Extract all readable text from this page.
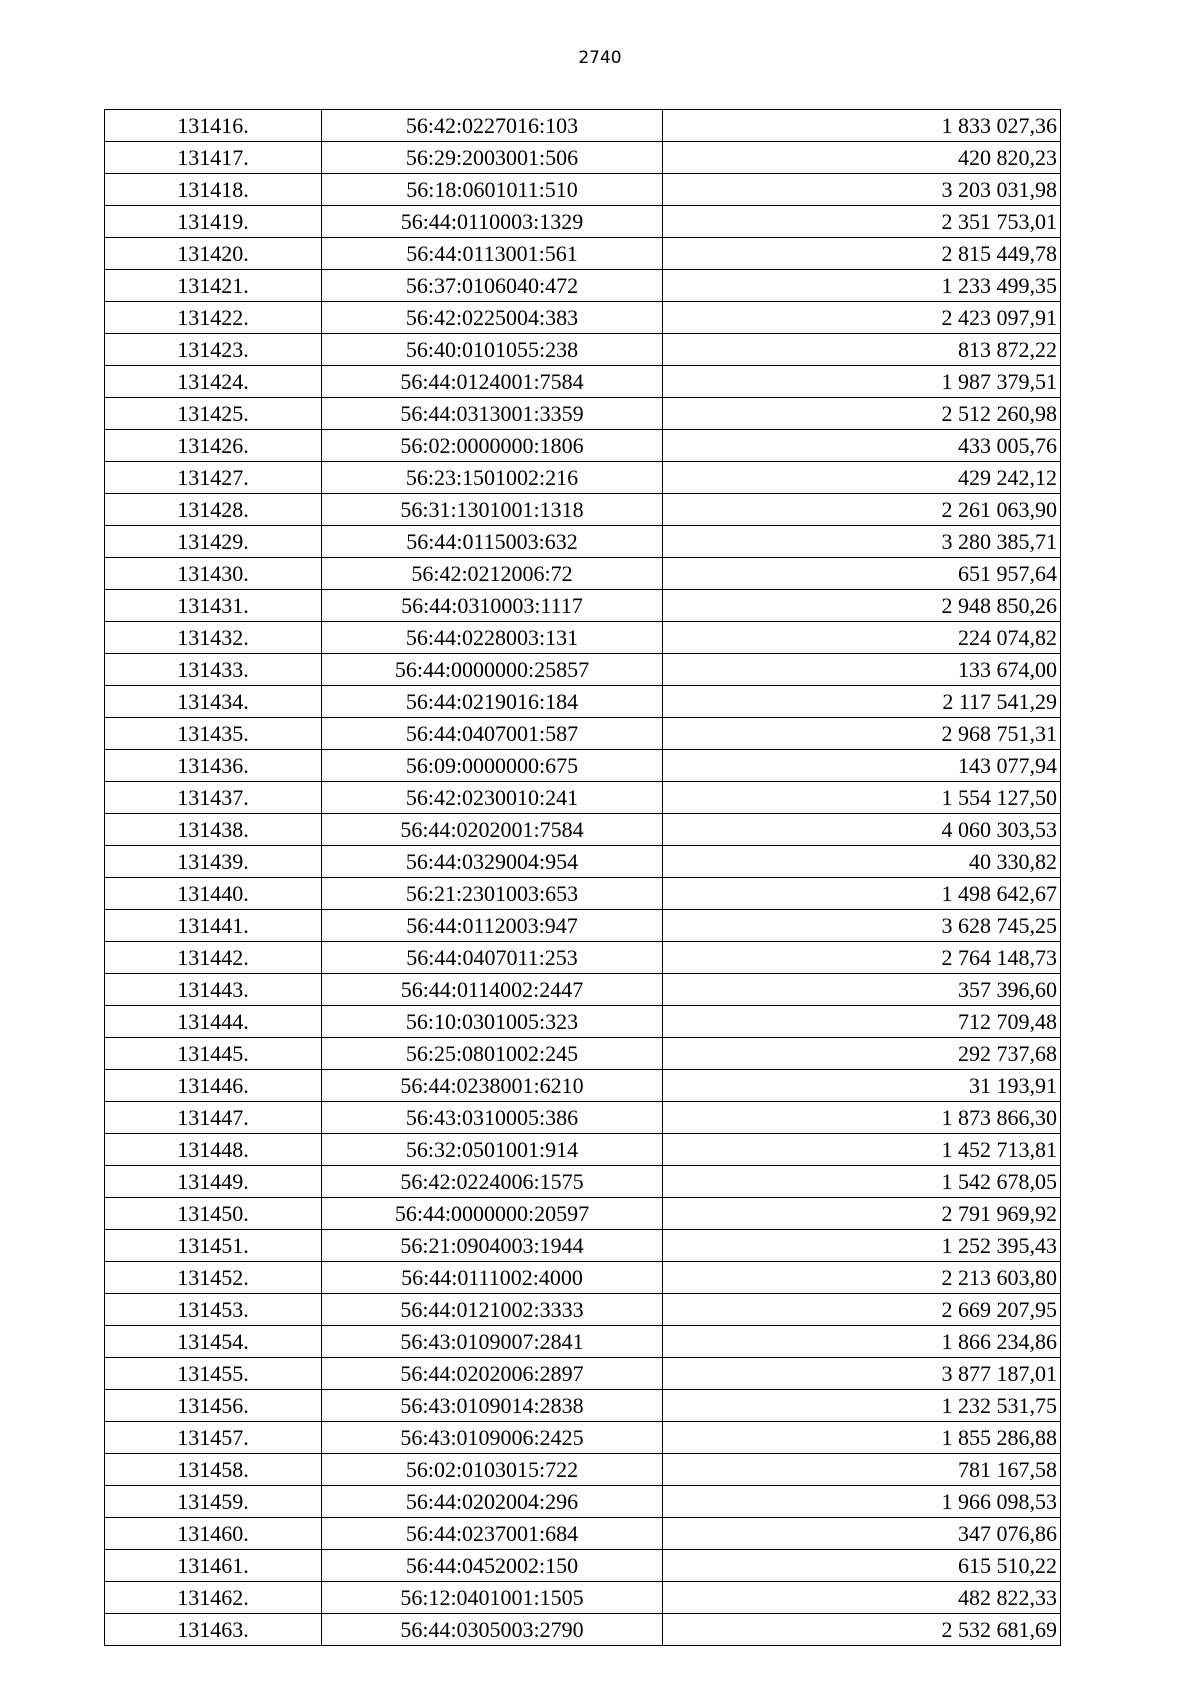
2740
131416.	56:42:0227016:103	1 833 027,36
131417.	56:29:2003001:506	420 820,23
131418.	56:18:0601011:510	3 203 031,98
131419.	56:44:0110003:1329	2 351 753,01
131420.	56:44:0113001:561	2 815 449,78
131421.	56:37:0106040:472	1 233 499,35
131422.	56:42:0225004:383	2 423 097,91
131423.	56:40:0101055:238	813 872,22
131424.	56:44:0124001:7584	1 987 379,51
131425.	56:44:0313001:3359	2 512 260,98
131426.	56:02:0000000:1806	433 005,76
131427.	56:23:1501002:216	429 242,12
131428.	56:31:1301001:1318	2 261 063,90
131429.	56:44:0115003:632	3 280 385,71
131430.	56:42:0212006:72	651 957,64
131431.	56:44:0310003:1117	2 948 850,26
131432.	56:44:0228003:131	224 074,82
131433.	56:44:0000000:25857	133 674,00
131434.	56:44:0219016:184	2 117 541,29
131435.	56:44:0407001:587	2 968 751,31
131436.	56:09:0000000:675	143 077,94
131437.	56:42:0230010:241	1 554 127,50
131438.	56:44:0202001:7584	4 060 303,53
131439.	56:44:0329004:954	40 330,82
131440.	56:21:2301003:653	1 498 642,67
131441.	56:44:0112003:947	3 628 745,25
131442.	56:44:0407011:253	2 764 148,73
131443.	56:44:0114002:2447	357 396,60
131444.	56:10:0301005:323	712 709,48
131445.	56:25:0801002:245	292 737,68
131446.	56:44:0238001:6210	31 193,91
131447.	56:43:0310005:386	1 873 866,30
131448.	56:32:0501001:914	1 452 713,81
131449.	56:42:0224006:1575	1 542 678,05
131450.	56:44:0000000:20597	2 791 969,92
131451.	56:21:0904003:1944	1 252 395,43
131452.	56:44:0111002:4000	2 213 603,80
131453.	56:44:0121002:3333	2 669 207,95
131454.	56:43:0109007:2841	1 866 234,86
131455.	56:44:0202006:2897	3 877 187,01
131456.	56:43:0109014:2838	1 232 531,75
131457.	56:43:0109006:2425	1 855 286,88
131458.	56:02:0103015:722	781 167,58
131459.	56:44:0202004:296	1 966 098,53
131460.	56:44:0237001:684	347 076,86
131461.	56:44:0452002:150	615 510,22
131462.	56:12:0401001:1505	482 822,33
131463.	56:44:0305003:2790	2 532 681,69
